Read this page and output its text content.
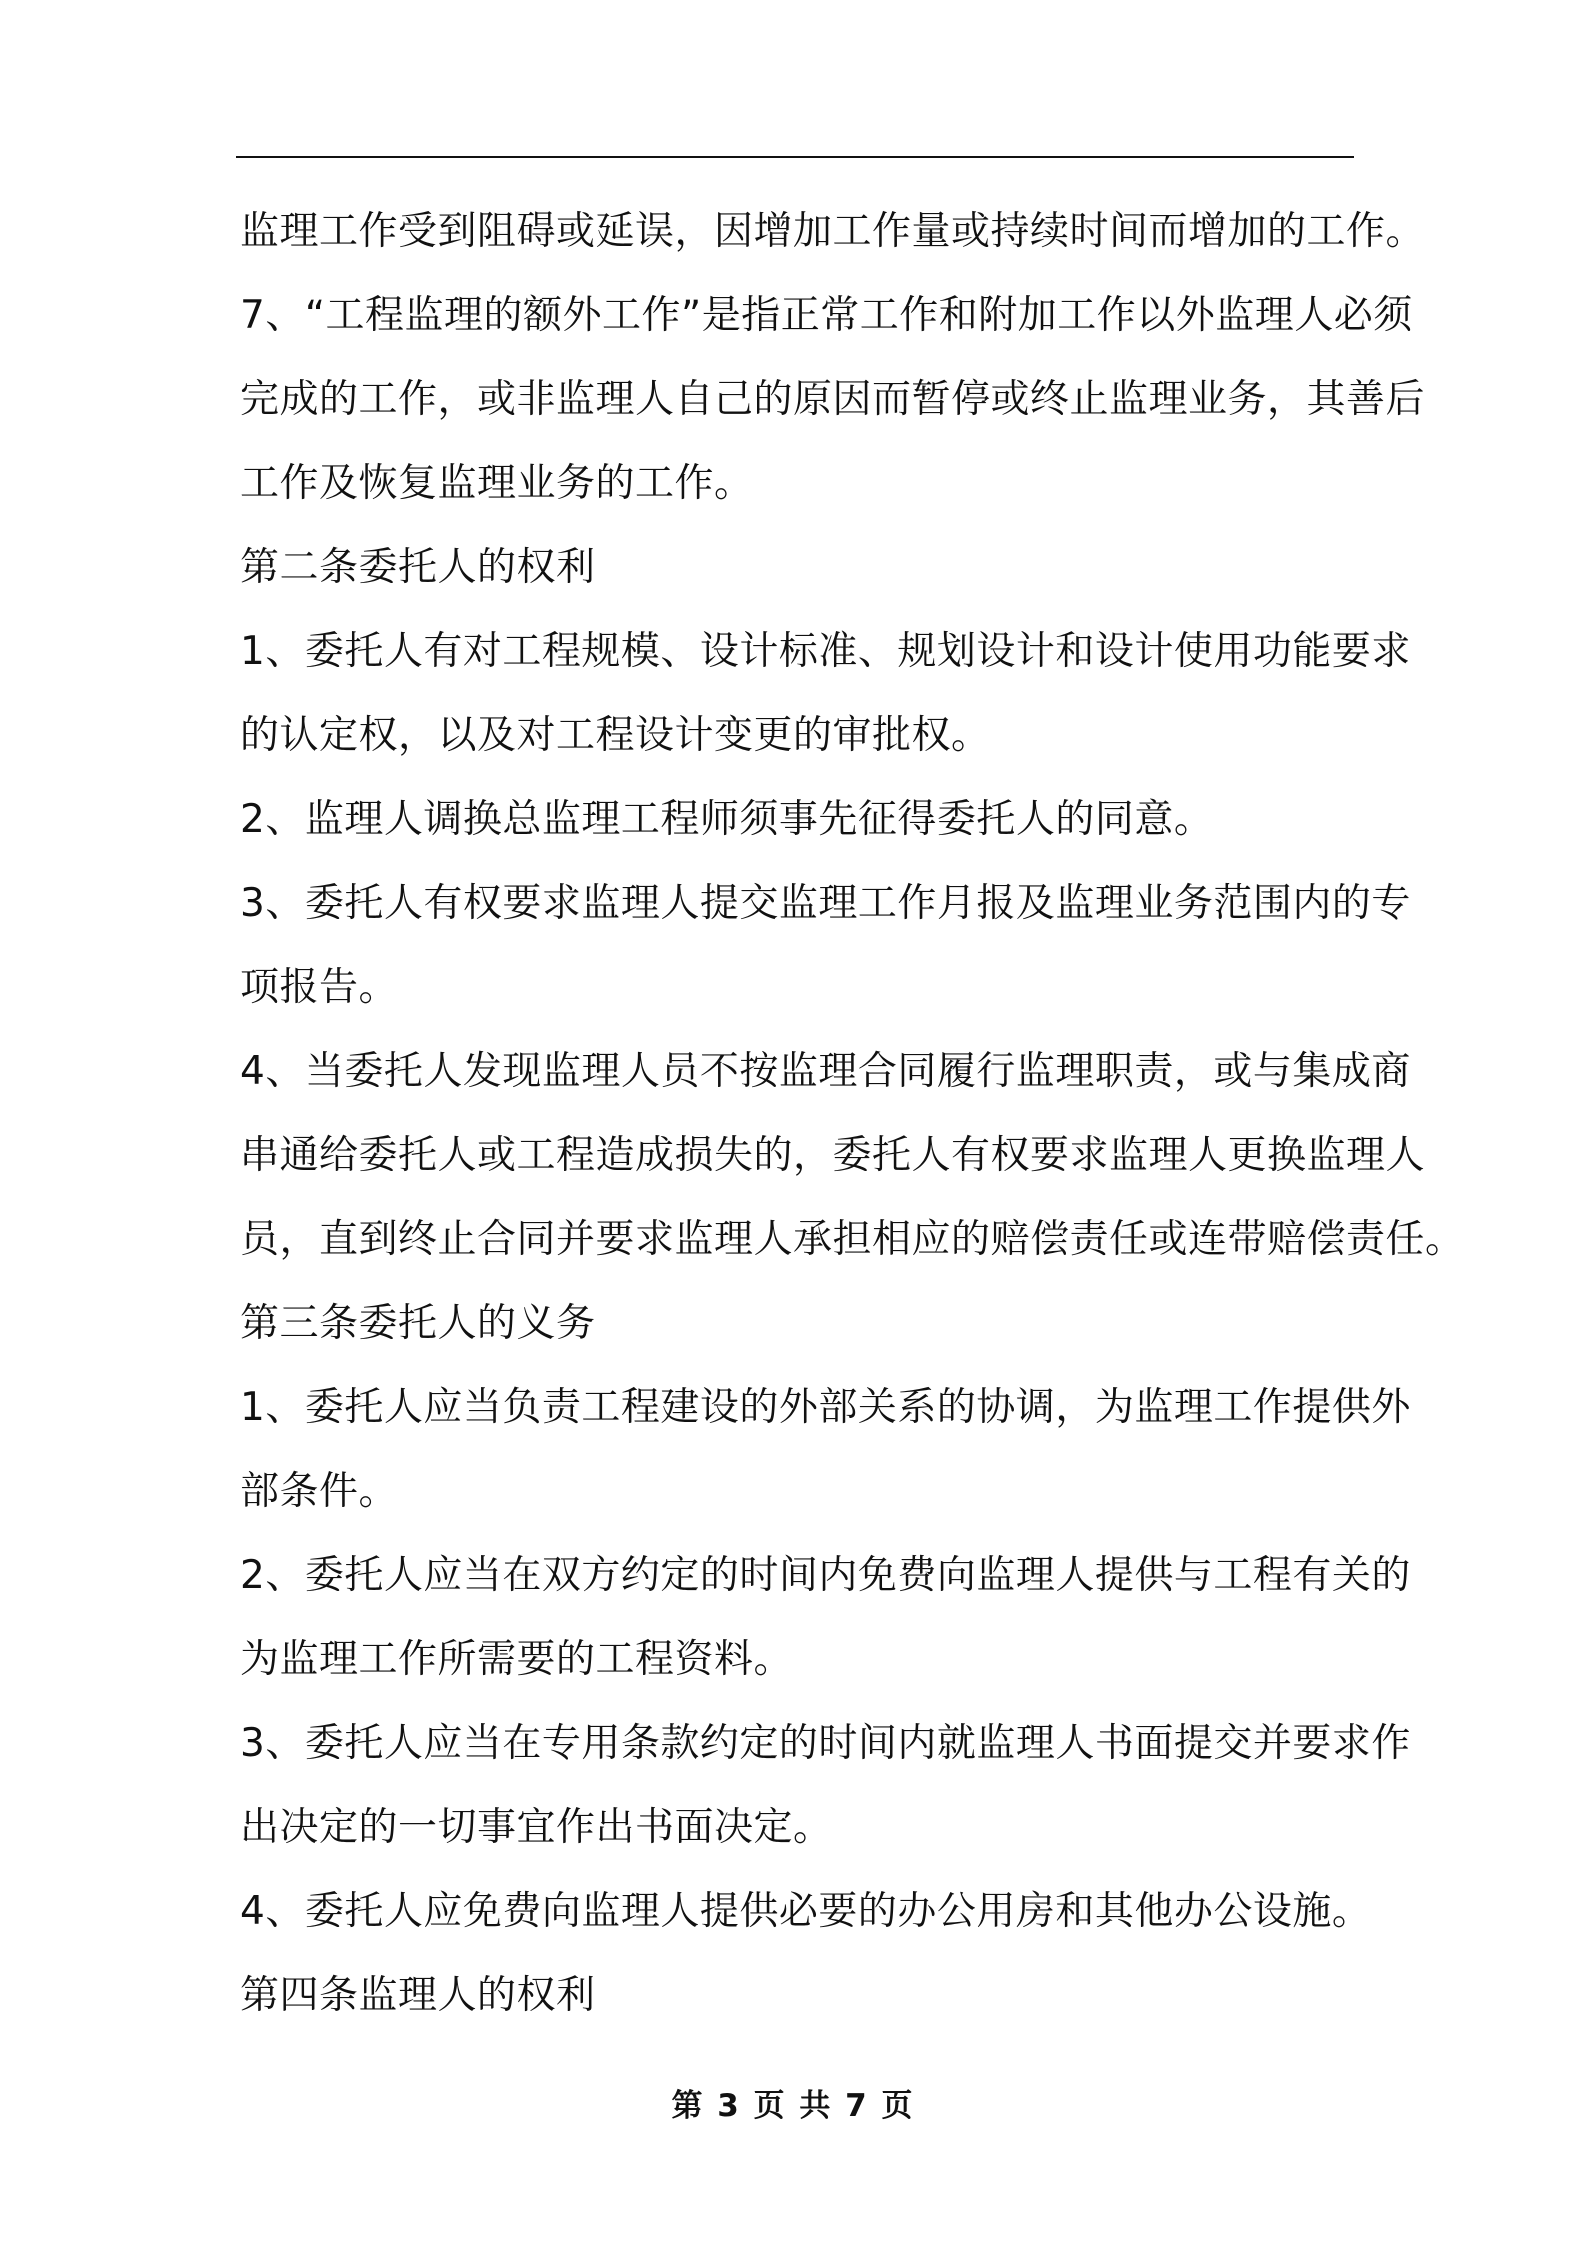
监理工作受到阻碍或延误，因增加工作量或持续时间而增加的工作。

7、“工程监理的额外工作”是指正常工作和附加工作以外监理人必须

完成的工作，或非监理人自己的原因而暂停或终止监理业务，其善后

工作及恢复监理业务的工作。

第二条委托人的权利

1、委托人有对工程规模、设计标准、规划设计和设计使用功能要求

的认定权，以及对工程设计变更的审批权。

2、监理人调换总监理工程师须事先征得委托人的同意。

3、委托人有权要求监理人提交监理工作月报及监理业务范围内的专

项报告。

4、当委托人发现监理人员不按监理合同履行监理职责，或与集成商

串通给委托人或工程造成损失的，委托人有权要求监理人更换监理人

员，直到终止合同并要求监理人承担相应的赔偿责任或连带赔偿责任。

第三条委托人的义务

1、委托人应当负责工程建设的外部关系的协调，为监理工作提供外

部条件。

2、委托人应当在双方约定的时间内免费向监理人提供与工程有关的

为监理工作所需要的工程资料。

3、委托人应当在专用条款约定的时间内就监理人书面提交并要求作

出决定的一切事宜作出书面决定。

4、委托人应免费向监理人提供必要的办公用房和其他办公设施。

第四条监理人的权利

第 3 页 共 7 页
